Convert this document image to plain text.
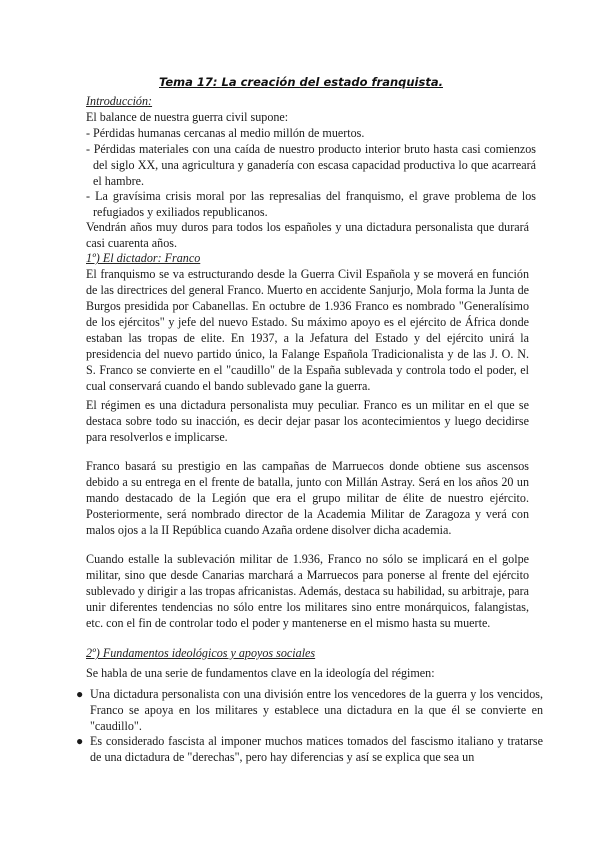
Tema 17: La creación del estado franquista.
Introducción:

El balance de nuestra guerra civil supone:

- Pérdidas humanas cercanas al medio millón de muertos.

- Pérdidas materiales con una caída de nuestro producto interior bruto hasta casi comienzos del siglo XX, una agricultura y ganadería con escasa capacidad productiva lo que acarreará el hambre.

- La gravísima crisis moral por las represalias del franquismo, el grave problema de los refugiados y exiliados republicanos.

Vendrán años muy duros para todos los españoles y una dictadura personalista que durará casi cuarenta años.

1º) El dictador: Franco

El franquismo se va estructurando desde la Guerra Civil Española y se moverá en función de las directrices del general Franco. Muerto en accidente Sanjurjo, Mola forma la Junta de Burgos presidida por Cabanellas. En octubre de 1.936 Franco es nombrado "Generalísimo de los ejércitos" y jefe del nuevo Estado. Su máximo apoyo es el ejército de África donde estaban las tropas de elite. En 1937, a la Jefatura del Estado y del ejército unirá la presidencia del nuevo partido único, la Falange Española Tradicionalista y de las J. O. N. S. Franco se convierte en el "caudillo" de la España sublevada y controla todo el poder, el cual conservará cuando el bando sublevado gane la guerra.

El régimen es una dictadura personalista muy peculiar. Franco es un militar en el que se destaca sobre todo su inacción, es decir dejar pasar los acontecimientos y luego decidirse para resolverlos e implicarse.

Franco basará su prestigio en las campañas de Marruecos donde obtiene sus ascensos debido a su entrega en el frente de batalla, junto con Millán Astray. Será en los años 20 un mando destacado de la Legión que era el grupo militar de élite de nuestro ejército. Posteriormente, será nombrado director de la Academia Militar de Zaragoza y verá con malos ojos a la II República cuando Azaña ordene disolver dicha academia.

Cuando estalle la sublevación militar de 1.936, Franco no sólo se implicará en el golpe militar, sino que desde Canarias marchará a Marruecos para ponerse al frente del ejército sublevado y dirigir a las tropas africanistas. Además, destaca su habilidad, su arbitraje, para unir diferentes tendencias no sólo entre los militares sino entre monárquicos, falangistas, etc. con el fin de controlar todo el poder y mantenerse en el mismo hasta su muerte.

2º) Fundamentos ideológicos y apoyos sociales

Se habla de una serie de fundamentos clave en la ideología del régimen:

● Una dictadura personalista con una división entre los vencedores de la guerra y los vencidos, Franco se apoya en los militares y establece una dictadura en la que él se convierte en "caudillo".
● Es considerado fascista al imponer muchos matices tomados del fascismo italiano y tratarse de una dictadura de "derechas", pero hay diferencias y así se explica que sea un
